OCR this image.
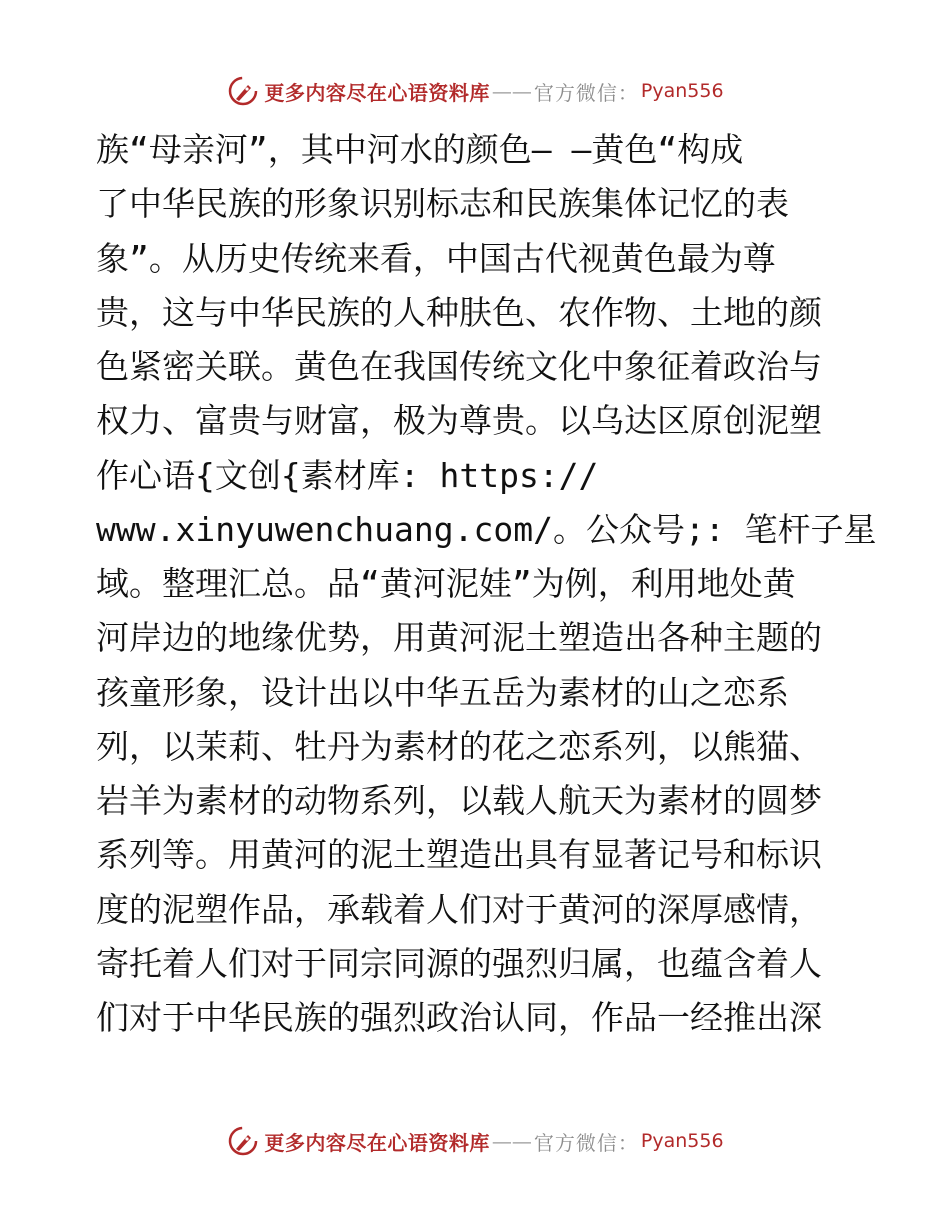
更多内容尽在心语资料库 —— 官方微信： Pyan556
族“母亲河”，其中河水的颜色— —黄色“构成
了中华民族的形象识别标志和民族集体记忆的表
象”。从历史传统来看，中国古代视黄色最为尊
贵，这与中华民族的人种肤色、农作物、土地的颜
色紧密关联。黄色在我国传统文化中象征着政治与
权力、富贵与财富，极为尊贵。以乌达区原创泥塑
作心语{文创{素材库: https://
www.xinyuwenchuang.com/。公众号;: 笔杆子星
域。整理汇总。品“黄河泥娃”为例，利用地处黄
河岸边的地缘优势，用黄河泥土塑造出各种主题的
孩童形象，设计出以中华五岳为素材的山之恋系
列，以茉莉、牡丹为素材的花之恋系列，以熊猫、
岩羊为素材的动物系列，以载人航天为素材的圆梦
系列等。用黄河的泥土塑造出具有显著记号和标识
度的泥塑作品，承载着人们对于黄河的深厚感情，
寄托着人们对于同宗同源的强烈归属，也蕴含着人
们对于中华民族的强烈政治认同，作品一经推出深
更多内容尽在心语资料库 —— 官方微信： Pyan556
